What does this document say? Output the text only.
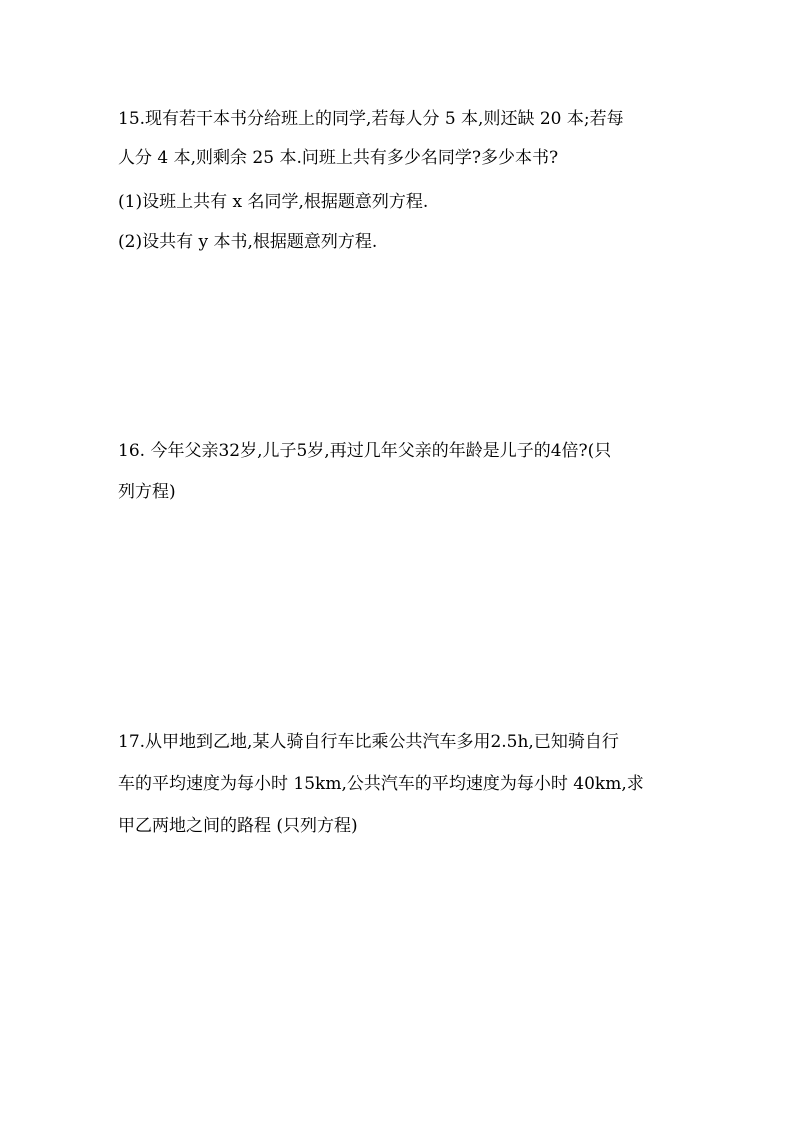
15.现有若干本书分给班上的同学,若每人分 5 本,则还缺 20 本;若每
人分 4 本,则剩余 25 本.问班上共有多少名同学?多少本书?
(1)设班上共有 x 名同学,根据题意列方程.
(2)设共有 y 本书,根据题意列方程.
16. 今年父亲32岁,儿子5岁,再过几年父亲的年龄是儿子的4倍?(只
列方程)
17.从甲地到乙地,某人骑自行车比乘公共汽车多用2.5h,已知骑自行
车的平均速度为每小时 15km,公共汽车的平均速度为每小时 40km,求
甲乙两地之间的路程 (只列方程)
